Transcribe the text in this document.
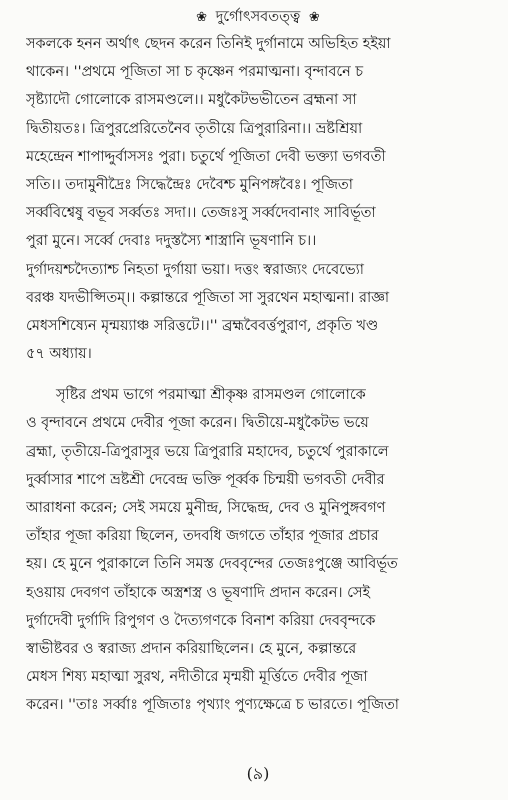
❀ দুর্গোৎসবতত্ত্ব ❀
সকলকে হনন অর্থাৎ ছেদন করেন তিনিই দুর্গানামে অভিহিত হইয়া
থাকেন। ''প্রথমে পূজিতা সা চ কৃষ্ণেন পরমাত্মনা। বৃন্দাবনে চ
সৃষ্ট্যাদৌ গোলোকে রাসমণ্ডলে।। মধুকৈটভভীতেন ব্রহ্মনা সা
দ্বিতীয়তঃ। ত্রিপুরপ্রেরিতেনৈব তৃতীয়ে ত্রিপুরারিনা।। ভ্রষ্টশ্রিয়া
মহেন্দ্রেন শাপাদ্দুর্বাসসঃ পুরা। চতুর্থে পূজিতা দেবী ভক্ত্যা ভগবতী
সতি।। তদামুনীদ্রৈঃ সিদ্ধেন্দ্রৈঃ দেবৈশ্চ মুনিপঙ্গবৈঃ। পূজিতা
সর্ব্ববিশ্বেষু বভূব সর্ব্বতঃ সদা।। তেজঃসু সর্ব্বদেবানাং সাবির্ভূতা
পুরা মুনে। সর্ব্বে দেবাঃ দদুস্তস্যৈ শাস্ত্রানি ভূষণানি চ।।
দুর্গাদয়শ্চদৈত্যাশ্চ নিহতা দুর্গায়া ভয়া। দত্তং স্বরাজ্যং দেবেভ্যো
বরঞ্চ যদভীপ্সিতম্।। কল্পান্তরে পূজিতা সা সুরথেন মহাত্মনা। রাজ্ঞা
মেধসশিষ্যেন মৃন্ময়্যাঞ্চ সরিত্তটে।।'' ব্রহ্মবৈবর্ত্তপুরাণ, প্রকৃতি খণ্ড
৫৭ অধ্যায়।
সৃষ্টির প্রথম ভাগে পরমাত্মা শ্রীকৃষ্ণ রাসমণ্ডল গোলোকে
ও বৃন্দাবনে প্রথমে দেবীর পূজা করেন। দ্বিতীয়ে-মধুকৈটভ ভয়ে
ব্রহ্মা, তৃতীয়ে-ত্রিপুরাসুর ভয়ে ত্রিপুরারি মহাদেব, চতুর্থে পুরাকালে
দুর্ব্বাসার শাপে ভ্রষ্টশ্রী দেবেন্দ্র ভক্তি পূর্ব্বক চিন্ময়ী ভগবতী দেবীর
আরাধনা করেন; সেই সময়ে মুনীন্দ্র, সিদ্ধেন্দ্র, দেব ও মুনিপুঙ্গবগণ
তাঁহার পূজা করিয়া ছিলেন, তদবধি জগতে তাঁহার পূজার প্রচার
হয়। হে মুনে পুরাকালে তিনি সমস্ত দেববৃন্দের তেজঃপুঞ্জে আবির্ভূত
হওয়ায় দেবগণ তাঁহাকে অস্ত্রশস্ত্র ও ভূষণাদি প্রদান করেন। সেই
দুর্গাদেবী দুর্গাদি রিপুগণ ও দৈত্যগণকে বিনাশ করিয়া দেববৃন্দকে
স্বাভীষ্টবর ও স্বরাজ্য প্রদান করিয়াছিলেন। হে মুনে, কল্পান্তরে
মেধস শিষ্য মহাত্মা সুরথ, নদীতীরে মৃন্ময়ী মূর্ত্তিতে দেবীর পূজা
করেন। ''তাঃ সর্ব্বাঃ পূজিতাঃ পৃথ্যাং পুণ্যক্ষেত্রে চ ভারতে। পূজিতা
(৯)
